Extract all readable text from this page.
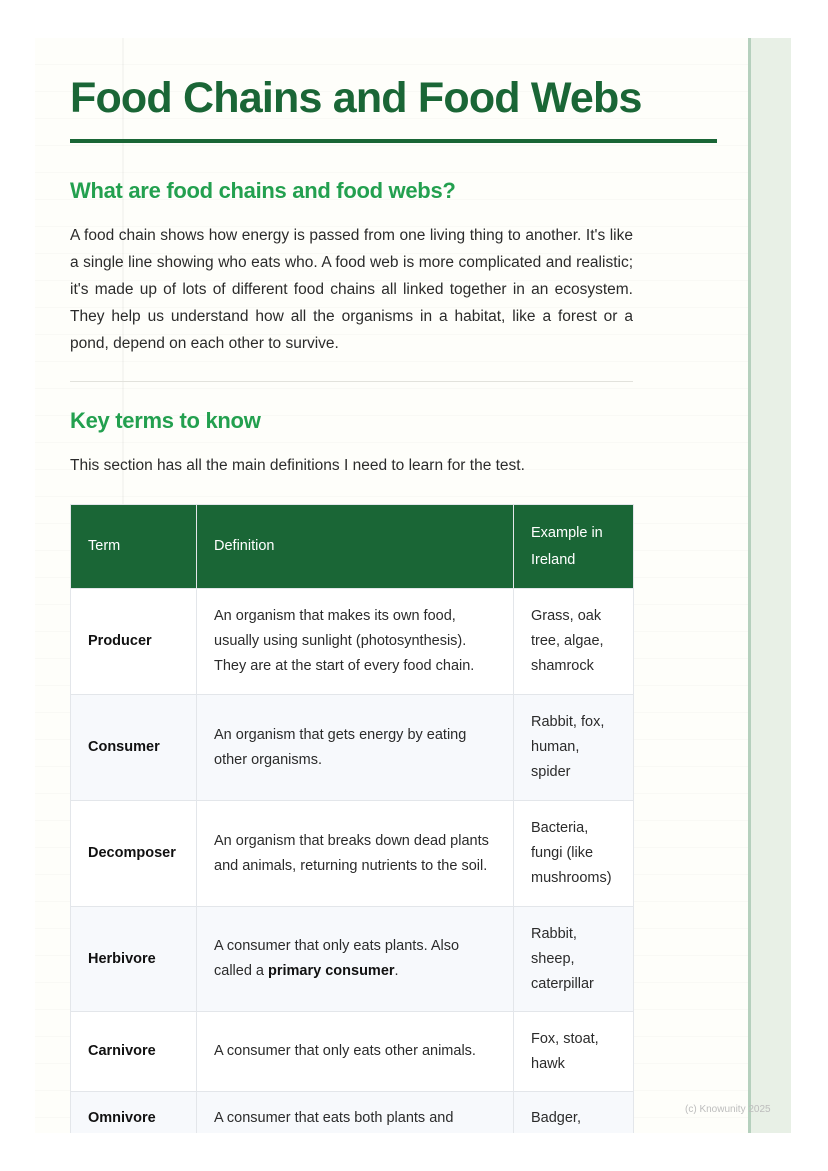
Food Chains and Food Webs
What are food chains and food webs?

A food chain shows how energy is passed from one living thing to another. It's like a single line showing who eats who. A food web is more complicated and realistic; it's made up of lots of different food chains all linked together in an ecosystem. They help us understand how all the organisms in a habitat, like a forest or a pond, depend on each other to survive.

Key terms to know

This section has all the main definitions I need to learn for the test.

Term	Definition	Example in Ireland
Producer	An organism that makes its own food, usually using sunlight (photosynthesis). They are at the start of every food chain.	Grass, oak tree, algae, shamrock
Consumer	An organism that gets energy by eating other organisms.	Rabbit, fox, human, spider
Decomposer	An organism that breaks down dead plants and animals, returning nutrients to the soil.	Bacteria, fungi (like mushrooms)
Herbivore	A consumer that only eats plants. Also called a primary consumer.	Rabbit, sheep, caterpillar
Carnivore	A consumer that only eats other animals.	Fox, stoat, hawk
Omnivore	A consumer that eats both plants and	Badger,
(c) Knowunity 2025
